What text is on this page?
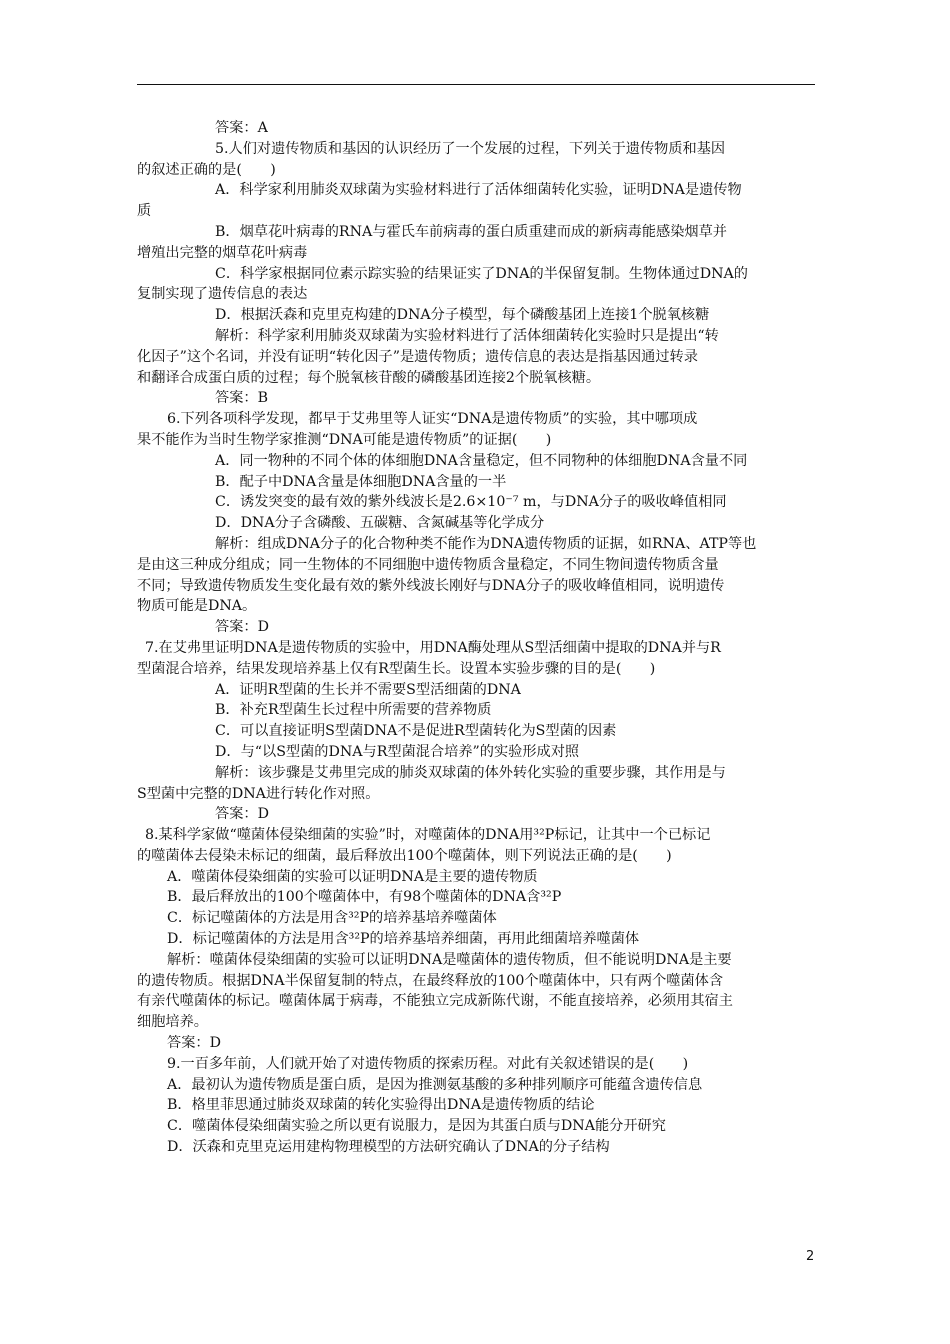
答案：A
5.人们对遗传物质和基因的认识经历了一个发展的过程，下列关于遗传物质和基因
的叙述正确的是(　　)
A．科学家利用肺炎双球菌为实验材料进行了活体细菌转化实验，证明DNA是遗传物
质
B．烟草花叶病毒的RNA与霍氏车前病毒的蛋白质重建而成的新病毒能感染烟草并
增殖出完整的烟草花叶病毒
C．科学家根据同位素示踪实验的结果证实了DNA的半保留复制。生物体通过DNA的
复制实现了遗传信息的表达
D．根据沃森和克里克构建的DNA分子模型，每个磷酸基团上连接1个脱氧核糖
解析：科学家利用肺炎双球菌为实验材料进行了活体细菌转化实验时只是提出“转
化因子”这个名词，并没有证明“转化因子”是遗传物质；遗传信息的表达是指基因通过转录
和翻译合成蛋白质的过程；每个脱氧核苷酸的磷酸基团连接2个脱氧核糖。
答案：B
6.下列各项科学发现，都早于艾弗里等人证实“DNA是遗传物质”的实验，其中哪项成
果不能作为当时生物学家推测“DNA可能是遗传物质”的证据(　　)
A．同一物种的不同个体的体细胞DNA含量稳定，但不同物种的体细胞DNA含量不同
B．配子中DNA含量是体细胞DNA含量的一半
C．诱发突变的最有效的紫外线波长是2.6×10⁻⁷ m，与DNA分子的吸收峰值相同
D．DNA分子含磷酸、五碳糖、含氮碱基等化学成分
解析：组成DNA分子的化合物种类不能作为DNA遗传物质的证据，如RNA、ATP等也
是由这三种成分组成；同一生物体的不同细胞中遗传物质含量稳定，不同生物间遗传物质含量
不同；导致遗传物质发生变化最有效的紫外线波长刚好与DNA分子的吸收峰值相同，说明遗传
物质可能是DNA。
答案：D
7.在艾弗里证明DNA是遗传物质的实验中，用DNA酶处理从S型活细菌中提取的DNA并与R
型菌混合培养，结果发现培养基上仅有R型菌生长。设置本实验步骤的目的是(　　)
A．证明R型菌的生长并不需要S型活细菌的DNA
B．补充R型菌生长过程中所需要的营养物质
C．可以直接证明S型菌DNA不是促进R型菌转化为S型菌的因素
D．与“以S型菌的DNA与R型菌混合培养”的实验形成对照
解析：该步骤是艾弗里完成的肺炎双球菌的体外转化实验的重要步骤，其作用是与
S型菌中完整的DNA进行转化作对照。
答案：D
8.某科学家做“噬菌体侵染细菌的实验”时，对噬菌体的DNA用³²P标记，让其中一个已标记
的噬菌体去侵染未标记的细菌，最后释放出100个噬菌体，则下列说法正确的是(　　)
A．噬菌体侵染细菌的实验可以证明DNA是主要的遗传物质
B．最后释放出的100个噬菌体中，有98个噬菌体的DNA含³²P
C．标记噬菌体的方法是用含³²P的培养基培养噬菌体
D．标记噬菌体的方法是用含³²P的培养基培养细菌，再用此细菌培养噬菌体
解析：噬菌体侵染细菌的实验可以证明DNA是噬菌体的遗传物质，但不能说明DNA是主要
的遗传物质。根据DNA半保留复制的特点，在最终释放的100个噬菌体中，只有两个噬菌体含
有亲代噬菌体的标记。噬菌体属于病毒，不能独立完成新陈代谢，不能直接培养，必须用其宿主
细胞培养。
答案：D
9.一百多年前，人们就开始了对遗传物质的探索历程。对此有关叙述错误的是(　　)
A．最初认为遗传物质是蛋白质，是因为推测氨基酸的多种排列顺序可能蕴含遗传信息
B．格里菲思通过肺炎双球菌的转化实验得出DNA是遗传物质的结论
C．噬菌体侵染细菌实验之所以更有说服力，是因为其蛋白质与DNA能分开研究
D．沃森和克里克运用建构物理模型的方法研究确认了DNA的分子结构
2
